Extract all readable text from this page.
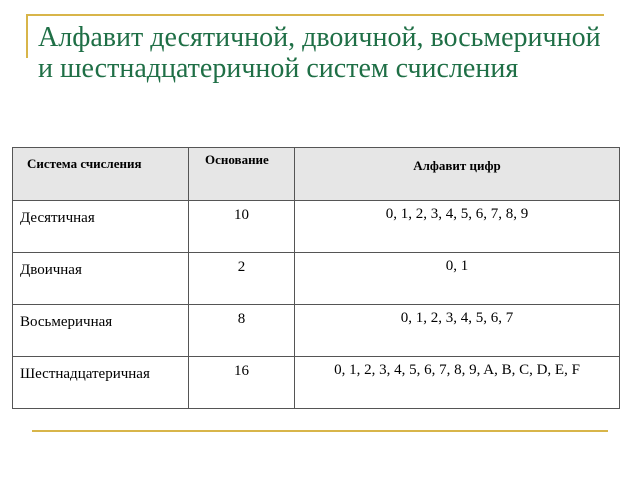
Алфавит десятичной, двоичной, восьмеричной и шестнадцатеричной систем счисления
Система счисления	Основание	Алфавит цифр

Десятичная	10	0, 1, 2, 3, 4, 5, 6, 7, 8, 9

Двоичная	2	0, 1

Восьмеричная	8	0, 1, 2, 3, 4, 5, 6, 7

Шестнадцатеричная	16	0, 1, 2, 3, 4, 5, 6, 7, 8, 9, A, B, C, D, E, F
